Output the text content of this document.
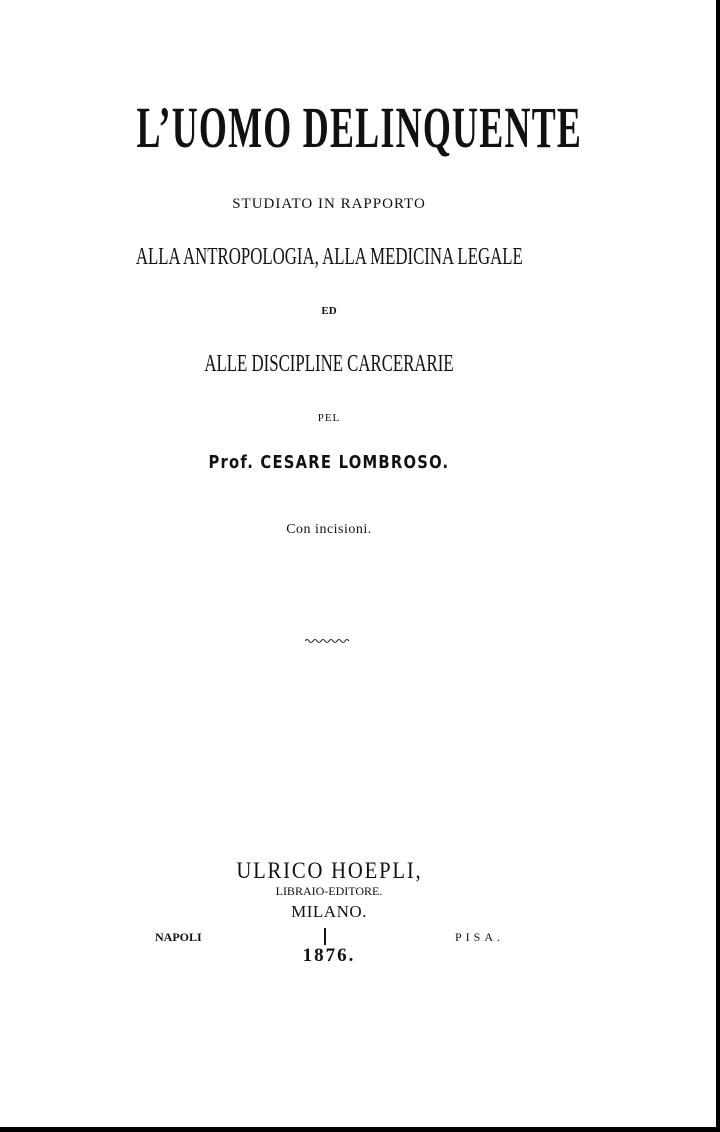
L’UOMO DELINQUENTE
STUDIATO IN RAPPORTO
ALLA ANTROPOLOGIA, ALLA MEDICINA LEGALE
ED
ALLE DISCIPLINE CARCERARIE
PEL
Prof. CESARE LOMBROSO.
Con incisioni.
ULRICO HOEPLI,
LIBRAIO-EDITORE.
MILANO.
NAPOLI	PISA.
1876.
